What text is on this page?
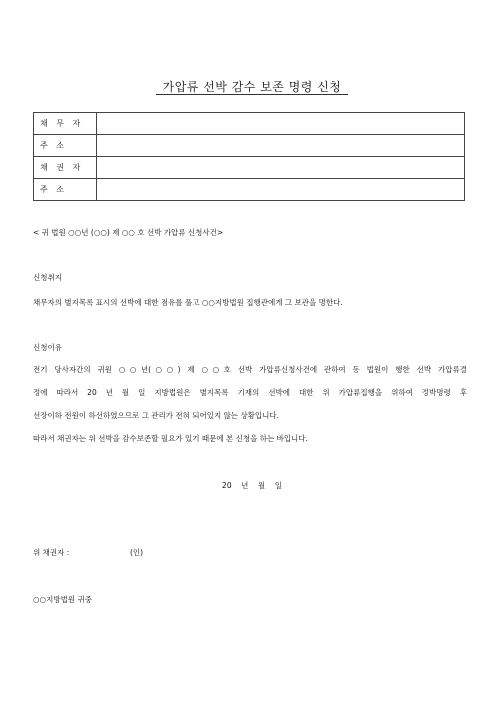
가압류 선박 감수 보존 명령 신청
채 무 자	
주 소	
채 권 자	
주 소	
< 귀 법원 ○○년 (○○) 제 ○○ 호 선박 가압류 신청사건>
신청취지
채무자의 별지목록 표시의 선박에 대한 점유를 풀고 ○○지방법원 집행관에게 그 보관을 명한다.
신청이유
전기 당사자간의 귀원 ○○년(○○) 제 ○○호 선박 가압류신청사건에 관하여 동 법원이 행한 선박 가압류결
정에 따라서 20 년 월 일 지방법원은 별지목록 기재의 선박에 대한 위 가압류집행을 위하여 정박명령 후
선장이하 전원이 하선하였으므로 그 관리가 전혀 되어있지 않는 상황입니다.
따라서 채권자는 위 선박을 감수보존할 필요가 있기 때문에 본 신청을 하는 바입니다.
20    년    월    일
위 채권자 :	(인)
○○지방법원 귀중
